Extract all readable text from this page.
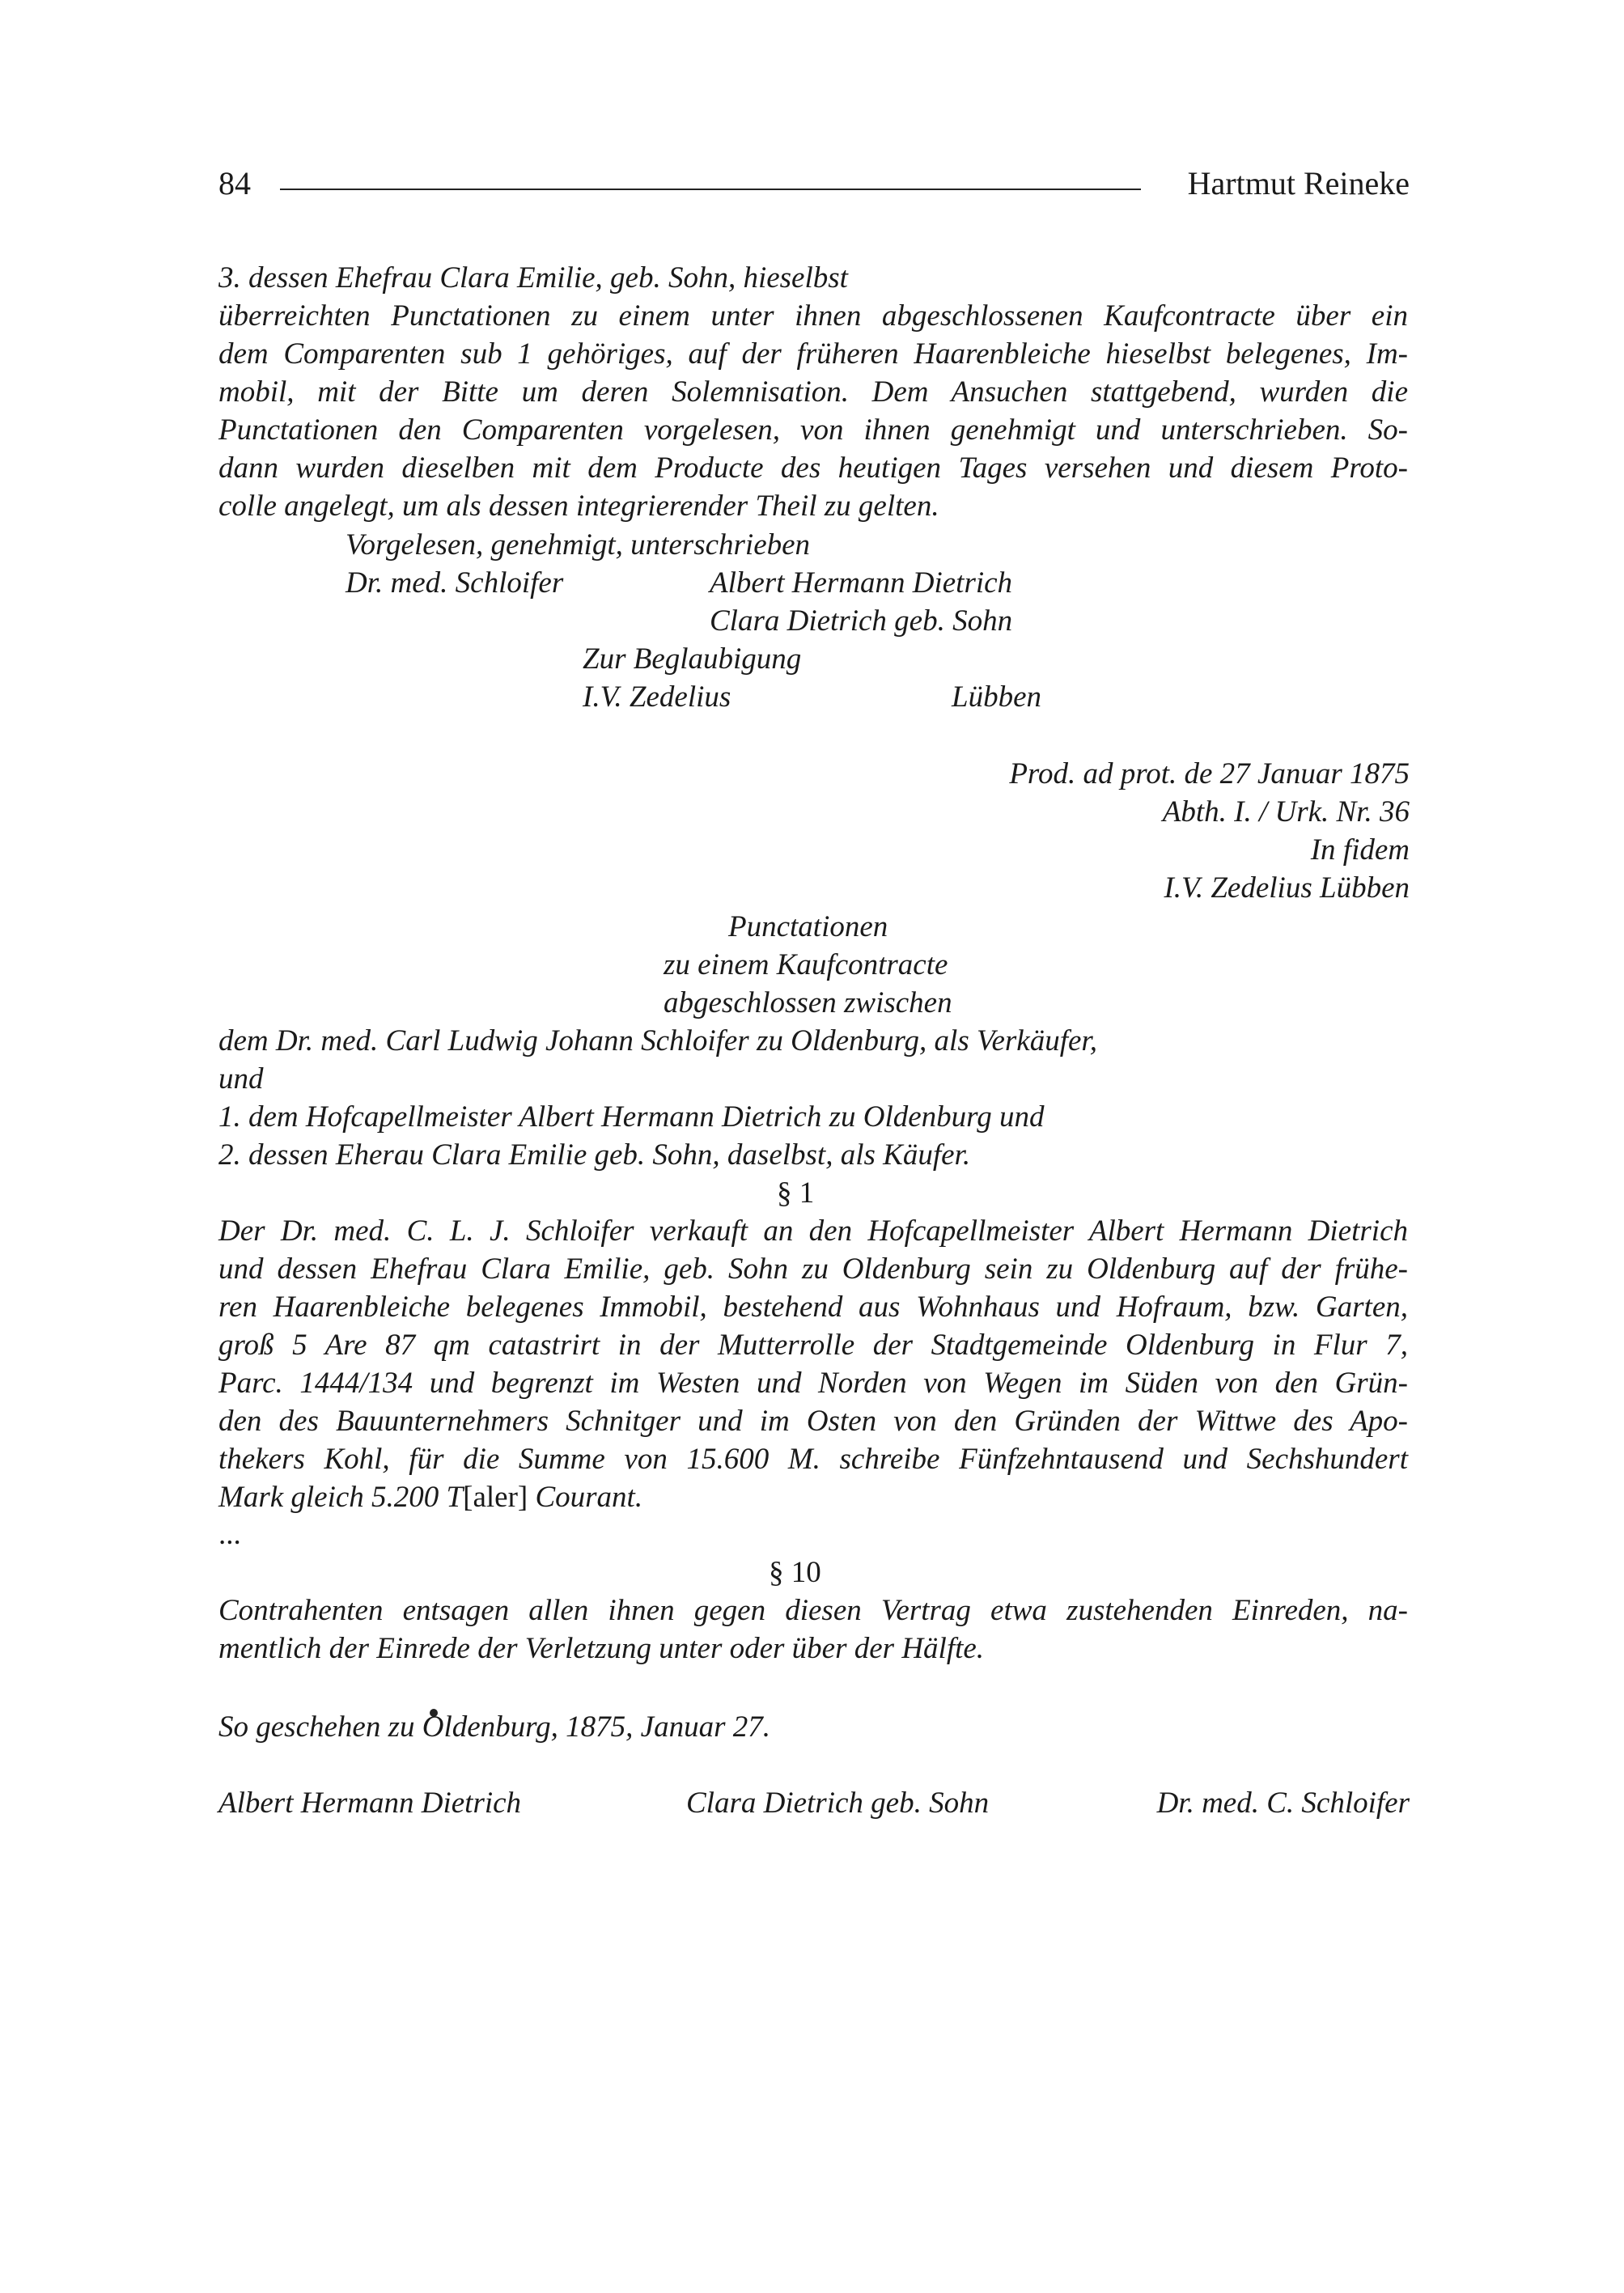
84	Hartmut Reineke
3. dessen Ehefrau Clara Emilie, geb. Sohn, hieselbst
überreichten Punctationen zu einem unter ihnen abgeschlossenen Kaufcontracte über ein
dem Comparenten sub 1 gehöriges, auf der früheren Haarenbleiche hieselbst belegenes, Im-
mobil, mit der Bitte um deren Solemnisation. Dem Ansuchen stattgebend, wurden die
Punctationen den Comparenten vorgelesen, von ihnen genehmigt und unterschrieben. So-
dann wurden dieselben mit dem Producte des heutigen Tages versehen und diesem Proto-
colle angelegt, um als dessen integrierender Theil zu gelten.
Vorgelesen, genehmigt, unterschrieben
Dr. med. Schloifer	Albert Hermann Dietrich
Clara Dietrich geb. Sohn
Zur Beglaubigung
I.V. Zedelius	Lübben
Prod. ad prot. de 27 Januar 1875
Abth. I. / Urk. Nr. 36
In fidem
I.V. Zedelius Lübben
Punctationen
zu einem Kaufcontracte
abgeschlossen zwischen
dem Dr. med. Carl Ludwig Johann Schloifer zu Oldenburg, als Verkäufer,
und
1. dem Hofcapellmeister Albert Hermann Dietrich zu Oldenburg und
2. dessen Eherau Clara Emilie geb. Sohn, daselbst, als Käufer.
§ 1
Der Dr. med. C. L. J. Schloifer verkauft an den Hofcapellmeister Albert Hermann Dietrich
und dessen Ehefrau Clara Emilie, geb. Sohn zu Oldenburg sein zu Oldenburg auf der frühe-
ren Haarenbleiche belegenes Immobil, bestehend aus Wohnhaus und Hofraum, bzw. Garten,
groß 5 Are 87 qm catastrirt in der Mutterrolle der Stadtgemeinde Oldenburg in Flur 7,
Parc. 1444/134 und begrenzt im Westen und Norden von Wegen im Süden von den Grün-
den des Bauunternehmers Schnitger und im Osten von den Gründen der Wittwe des Apo-
thekers Kohl, für die Summe von 15.600 M. schreibe Fünfzehntausend und Sechshundert
Mark gleich 5.200 T[aler] Courant.
...
§ 10
Contrahenten entsagen allen ihnen gegen diesen Vertrag etwa zustehenden Einreden, na-
mentlich der Einrede der Verletzung unter oder über der Hälfte.
So geschehen zu Oldenburg, 1875, Januar 27.
Albert Hermann Dietrich	Clara Dietrich geb. Sohn	Dr. med. C. Schloifer
